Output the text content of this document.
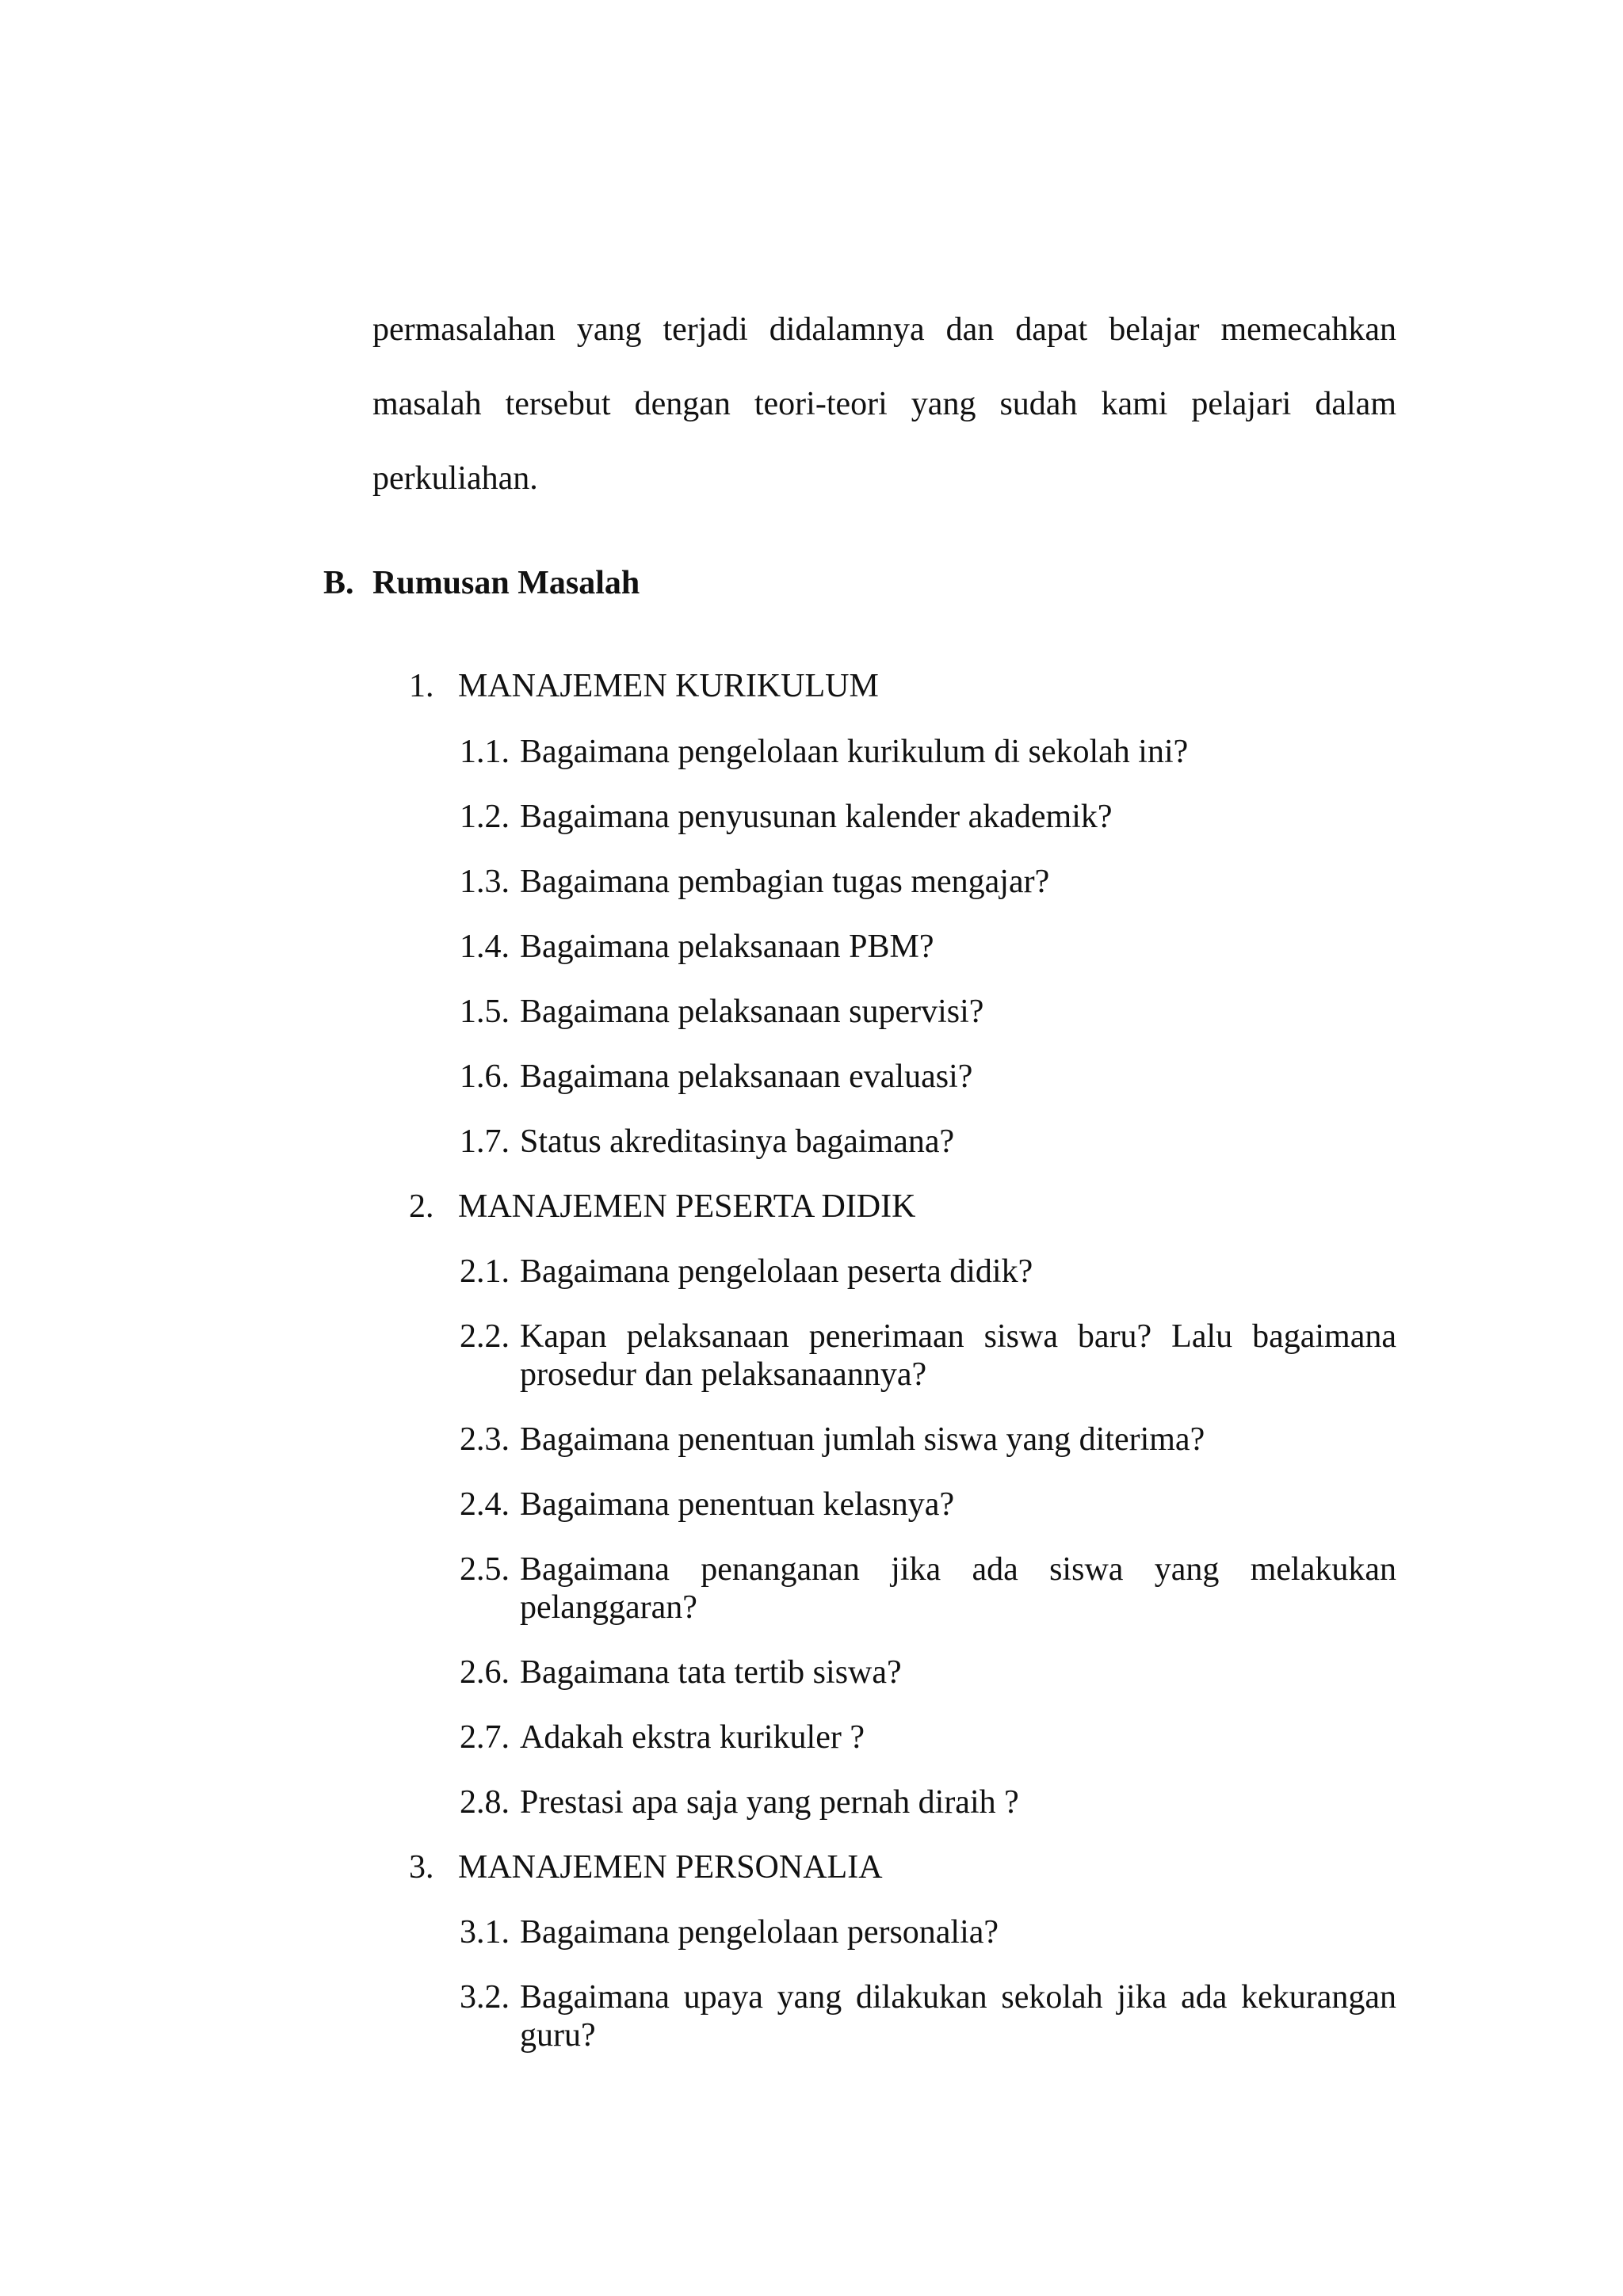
permasalahan yang terjadi didalamnya dan dapat belajar memecahkan
masalah tersebut dengan teori-teori yang sudah kami pelajari dalam
perkuliahan.
B. Rumusan Masalah
1. MANAJEMEN KURIKULUM
1.1. Bagaimana pengelolaan kurikulum di sekolah ini?
1.2. Bagaimana penyusunan kalender akademik?
1.3. Bagaimana pembagian tugas mengajar?
1.4. Bagaimana pelaksanaan PBM?
1.5. Bagaimana pelaksanaan supervisi?
1.6. Bagaimana pelaksanaan evaluasi?
1.7. Status akreditasinya bagaimana?
2. MANAJEMEN PESERTA DIDIK
2.1. Bagaimana pengelolaan peserta didik?
2.2. Kapan pelaksanaan penerimaan siswa baru? Lalu bagaimana prosedur dan pelaksanaannya?
2.3. Bagaimana penentuan jumlah siswa yang diterima?
2.4. Bagaimana penentuan kelasnya?
2.5. Bagaimana penanganan jika ada siswa yang melakukan pelanggaran?
2.6. Bagaimana tata tertib siswa?
2.7. Adakah ekstra kurikuler ?
2.8. Prestasi apa saja yang pernah diraih ?
3. MANAJEMEN PERSONALIA
3.1. Bagaimana pengelolaan personalia?
3.2. Bagaimana upaya yang dilakukan sekolah jika ada kekurangan guru?
